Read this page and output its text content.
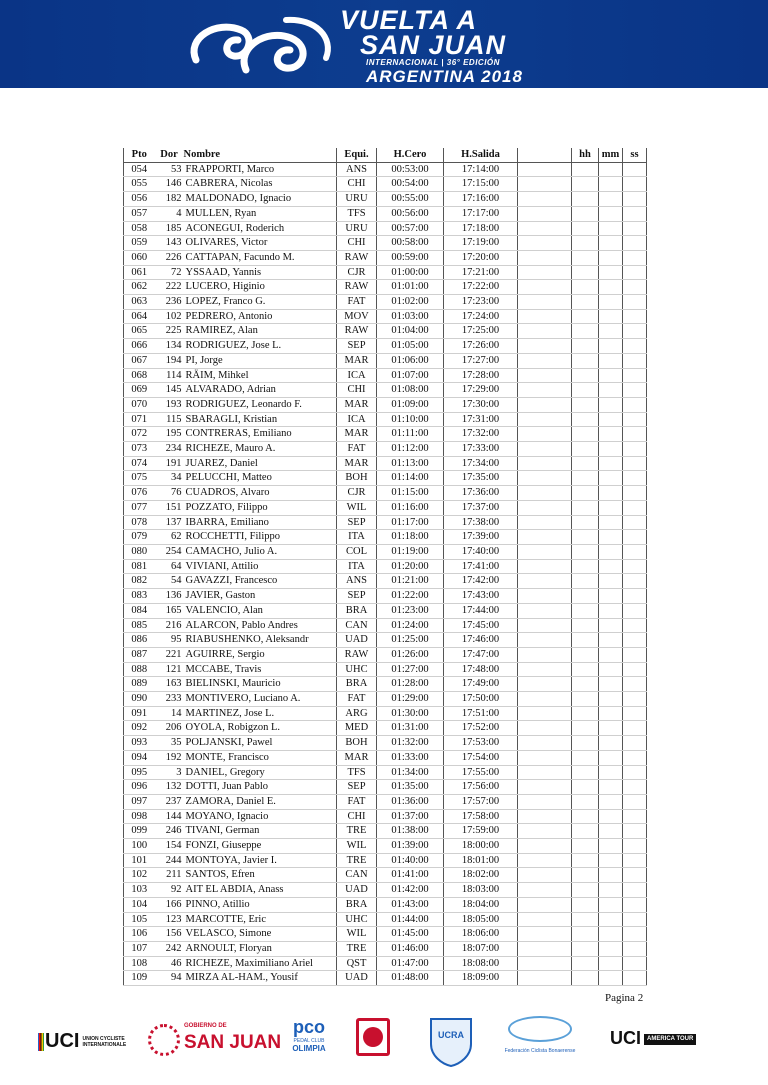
VUELTA A
SAN JUAN
INTERNACIONAL | 36° EDICIÓN
ARGENTINA 2018
Pto	Dor	Nombre	Equi.	H.Cero	H.Salida		hh	mm	ss
054	53	FRAPPORTI, Marco	ANS	00:53:00	17:14:00				
055	146	CABRERA, Nicolas	CHI	00:54:00	17:15:00				
056	182	MALDONADO, Ignacio	URU	00:55:00	17:16:00				
057	4	MULLEN, Ryan	TFS	00:56:00	17:17:00				
058	185	ACONEGUI, Roderich	URU	00:57:00	17:18:00				
059	143	OLIVARES, Victor	CHI	00:58:00	17:19:00				
060	226	CATTAPAN, Facundo M.	RAW	00:59:00	17:20:00				
061	72	YSSAAD, Yannis	CJR	01:00:00	17:21:00				
062	222	LUCERO, Higinio	RAW	01:01:00	17:22:00				
063	236	LOPEZ, Franco G.	FAT	01:02:00	17:23:00				
064	102	PEDRERO, Antonio	MOV	01:03:00	17:24:00				
065	225	RAMIREZ, Alan	RAW	01:04:00	17:25:00				
066	134	RODRIGUEZ, Jose L.	SEP	01:05:00	17:26:00				
067	194	PI, Jorge	MAR	01:06:00	17:27:00				
068	114	RÄIM, Mihkel	ICA	01:07:00	17:28:00				
069	145	ALVARADO, Adrian	CHI	01:08:00	17:29:00				
070	193	RODRIGUEZ, Leonardo F.	MAR	01:09:00	17:30:00				
071	115	SBARAGLI, Kristian	ICA	01:10:00	17:31:00				
072	195	CONTRERAS, Emiliano	MAR	01:11:00	17:32:00				
073	234	RICHEZE, Mauro A.	FAT	01:12:00	17:33:00				
074	191	JUAREZ, Daniel	MAR	01:13:00	17:34:00				
075	34	PELUCCHI, Matteo	BOH	01:14:00	17:35:00				
076	76	CUADROS, Alvaro	CJR	01:15:00	17:36:00				
077	151	POZZATO, Filippo	WIL	01:16:00	17:37:00				
078	137	IBARRA, Emiliano	SEP	01:17:00	17:38:00				
079	62	ROCCHETTI, Filippo	ITA	01:18:00	17:39:00				
080	254	CAMACHO, Julio A.	COL	01:19:00	17:40:00				
081	64	VIVIANI, Attilio	ITA	01:20:00	17:41:00				
082	54	GAVAZZI, Francesco	ANS	01:21:00	17:42:00				
083	136	JAVIER, Gaston	SEP	01:22:00	17:43:00				
084	165	VALENCIO, Alan	BRA	01:23:00	17:44:00				
085	216	ALARCON, Pablo Andres	CAN	01:24:00	17:45:00				
086	95	RIABUSHENKO, Aleksandr	UAD	01:25:00	17:46:00				
087	221	AGUIRRE, Sergio	RAW	01:26:00	17:47:00				
088	121	MCCABE, Travis	UHC	01:27:00	17:48:00				
089	163	BIELINSKI, Mauricio	BRA	01:28:00	17:49:00				
090	233	MONTIVERO, Luciano A.	FAT	01:29:00	17:50:00				
091	14	MARTINEZ, Jose L.	ARG	01:30:00	17:51:00				
092	206	OYOLA, Robigzon L.	MED	01:31:00	17:52:00				
093	35	POLJANSKI, Pawel	BOH	01:32:00	17:53:00				
094	192	MONTE, Francisco	MAR	01:33:00	17:54:00				
095	3	DANIEL, Gregory	TFS	01:34:00	17:55:00				
096	132	DOTTI, Juan Pablo	SEP	01:35:00	17:56:00				
097	237	ZAMORA, Daniel E.	FAT	01:36:00	17:57:00				
098	144	MOYANO, Ignacio	CHI	01:37:00	17:58:00				
099	246	TIVANI, German	TRE	01:38:00	17:59:00				
100	154	FONZI, Giuseppe	WIL	01:39:00	18:00:00				
101	244	MONTOYA, Javier I.	TRE	01:40:00	18:01:00				
102	211	SANTOS, Efren	CAN	01:41:00	18:02:00				
103	92	AIT EL ABDIA, Anass	UAD	01:42:00	18:03:00				
104	166	PINNO, Atillio	BRA	01:43:00	18:04:00				
105	123	MARCOTTE, Eric	UHC	01:44:00	18:05:00				
106	156	VELASCO, Simone	WIL	01:45:00	18:06:00				
107	242	ARNOULT, Floryan	TRE	01:46:00	18:07:00				
108	46	RICHEZE, Maximiliano Ariel	QST	01:47:00	18:08:00				
109	94	MIRZA AL-HAM., Yousif	UAD	01:48:00	18:09:00				
Pagina 2
UCI UNION CYCLISTE INTERNATIONALE
GOBIERNO DE
SAN JUAN
pco
PEDAL CLUB
OLIMPIA
UCRA
Federación Ciclista Bonaerense
UCI AMERICA TOUR
